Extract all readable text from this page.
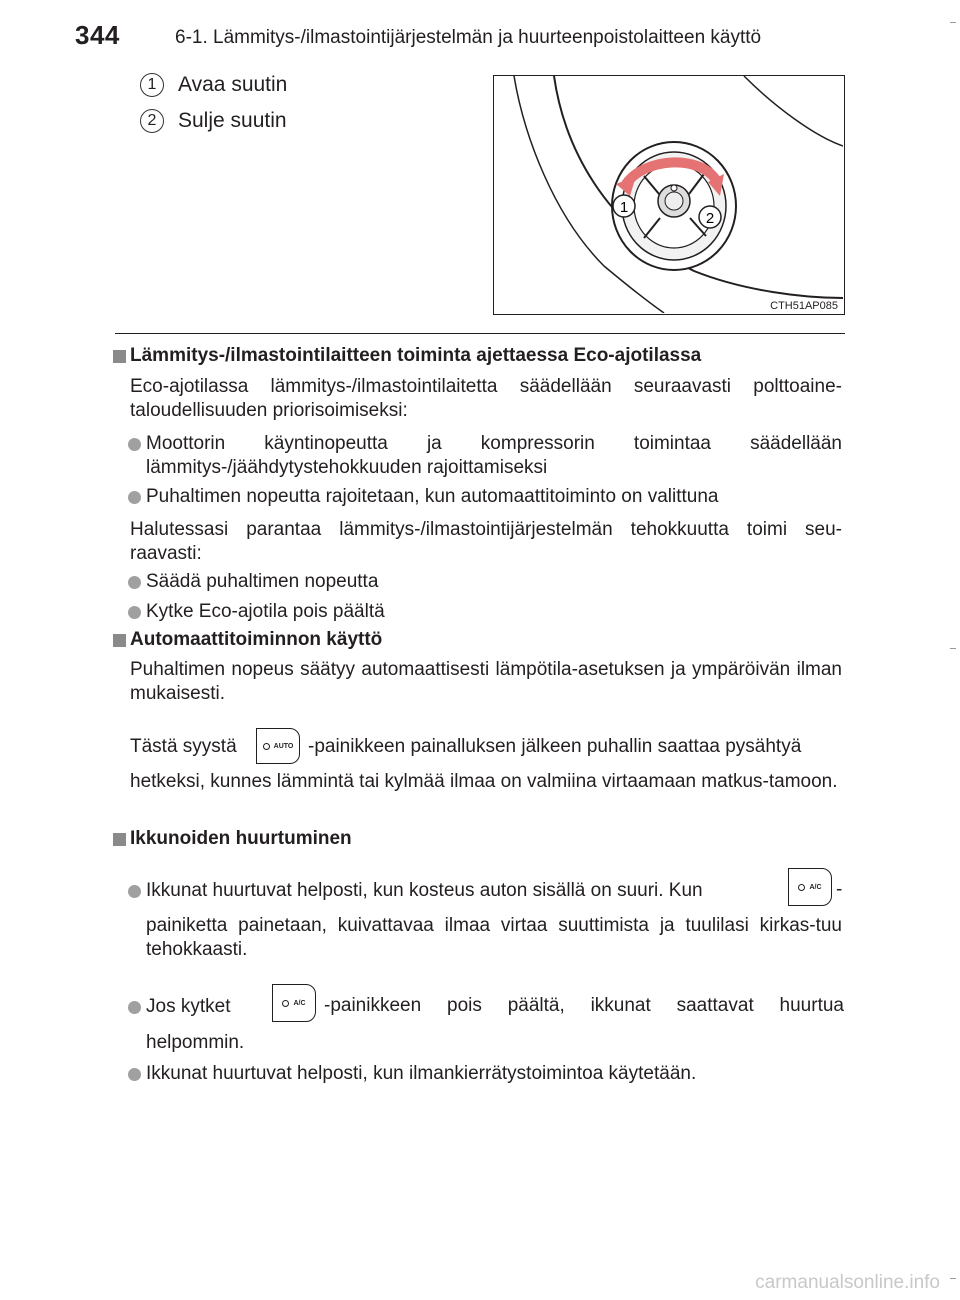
344	6-1. Lämmitys-/ilmastointijärjestelmän ja huurteenpoistolaitteen käyttö
1	Avaa suutin
2	Sulje suutin
1
2
CTH51AP085
Lämmitys-/ilmastointilaitteen toiminta ajettaessa Eco-ajotilassa
Eco-ajotilassa lämmitys-/ilmastointilaitetta säädellään seuraavasti polttoaine-taloudellisuuden priorisoimiseksi:
Moottorin käyntinopeutta ja kompressorin toimintaa säädellään lämmitys-/jäähdytystehokkuuden rajoittamiseksi
Puhaltimen nopeutta rajoitetaan, kun automaattitoiminto on valittuna
Halutessasi parantaa lämmitys-/ilmastointijärjestelmän tehokkuutta toimi seu-raavasti:
Säädä puhaltimen nopeutta
Kytke Eco-ajotila pois päältä
Automaattitoiminnon käyttö
Puhaltimen nopeus säätyy automaattisesti lämpötila-asetuksen ja ympäröivän ilman mukaisesti.
Tästä syystä	AUTO -painikkeen painalluksen jälkeen puhallin saattaa pysähtyä
hetkeksi, kunnes lämmintä tai kylmää ilmaa on valmiina virtaamaan matkus-tamoon.
Ikkunoiden huurtuminen
Ikkunat huurtuvat helposti, kun kosteus auton sisällä on suuri. Kun	A/C -
painiketta painetaan, kuivattavaa ilmaa virtaa suuttimista ja tuulilasi kirkas-tuu tehokkaasti.
Jos kytket	A/C -painikkeen pois päältä, ikkunat saattavat huurtua
helpommin.
Ikkunat huurtuvat helposti, kun ilmankierrätystoimintoa käytetään.
carmanualsonline.info
